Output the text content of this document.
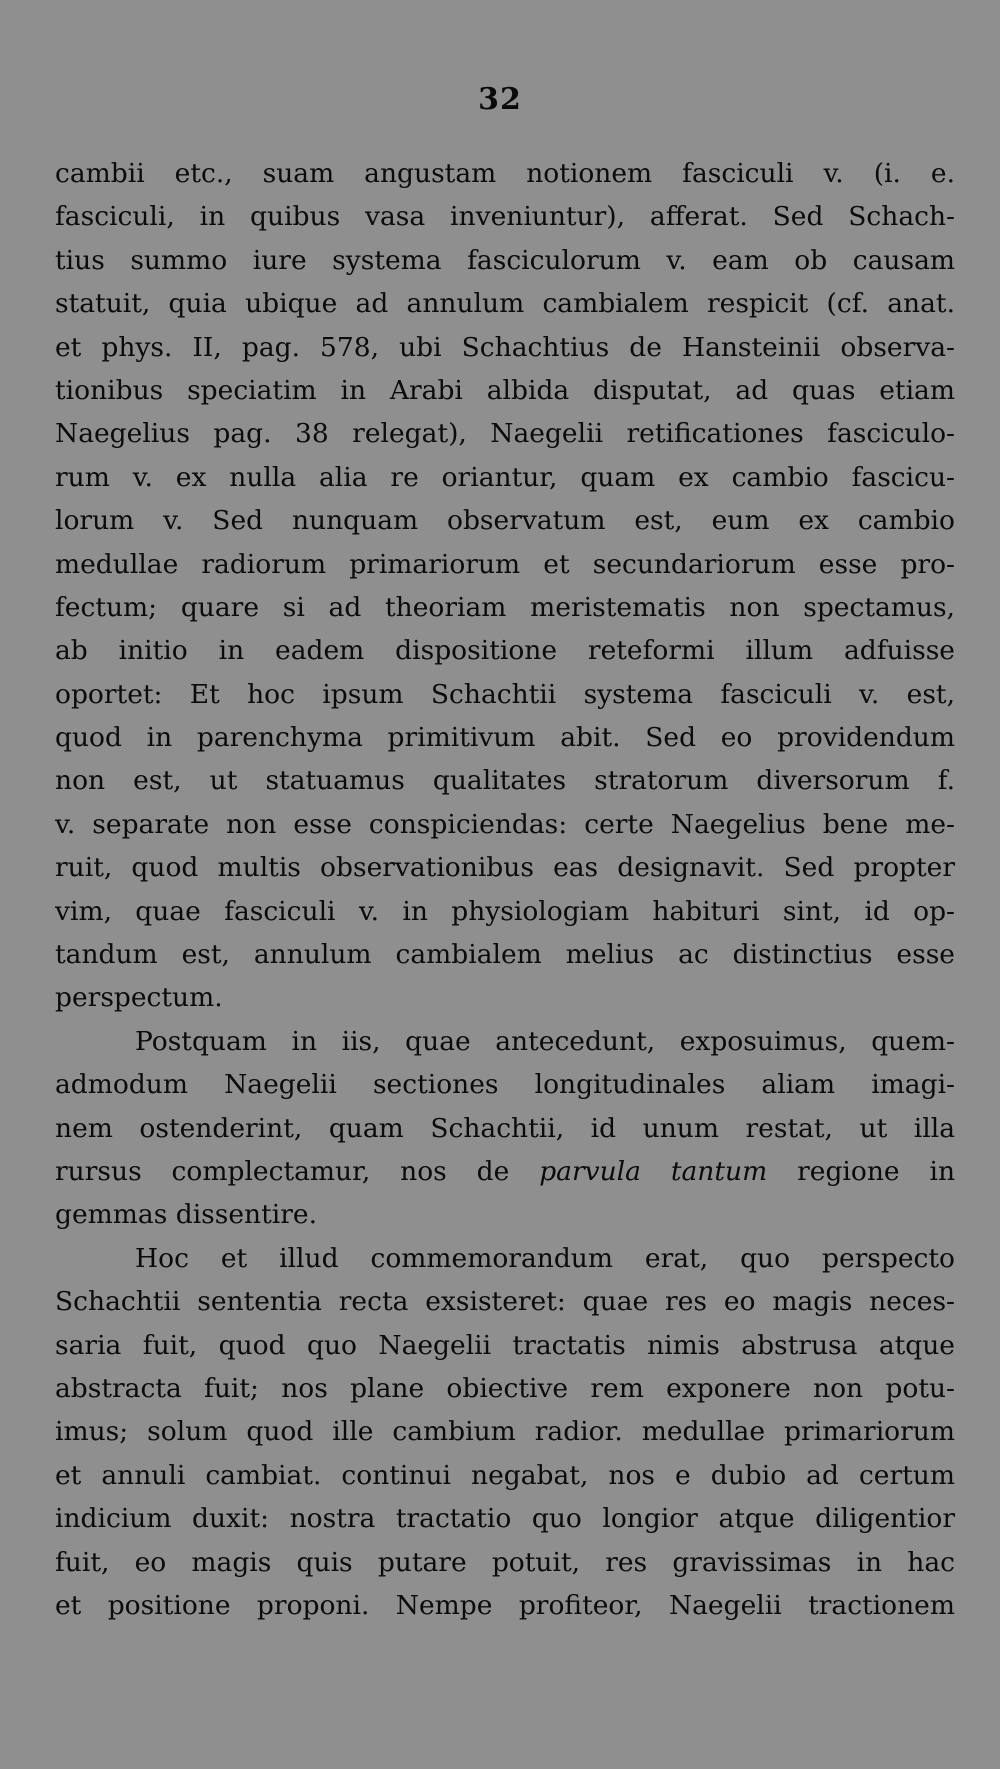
32
cambii etc., suam angustam notionem fasciculi v. (i. e.
fasciculi, in quibus vasa inveniuntur), afferat. Sed Schach-
tius summo iure systema fasciculorum v. eam ob causam
statuit, quia ubique ad annulum cambialem respicit (cf. anat.
et phys. II, pag. 578, ubi Schachtius de Hansteinii observa-
tionibus speciatim in Arabi albida disputat, ad quas etiam
Naegelius pag. 38 relegat), Naegelii retificationes fasciculo-
rum v. ex nulla alia re oriantur, quam ex cambio fascicu-
lorum v. Sed nunquam observatum est, eum ex cambio
medullae radiorum primariorum et secundariorum esse pro-
fectum; quare si ad theoriam meristematis non spectamus,
ab initio in eadem dispositione reteformi illum adfuisse
oportet: Et hoc ipsum Schachtii systema fasciculi v. est,
quod in parenchyma primitivum abit. Sed eo providendum
non est, ut statuamus qualitates stratorum diversorum f.
v. separate non esse conspiciendas: certe Naegelius bene me-
ruit, quod multis observationibus eas designavit. Sed propter
vim, quae fasciculi v. in physiologiam habituri sint, id op-
tandum est, annulum cambialem melius ac distinctius esse
perspectum.
Postquam in iis, quae antecedunt, exposuimus, quem-
admodum Naegelii sectiones longitudinales aliam imagi-
nem ostenderint, quam Schachtii, id unum restat, ut illa
rursus complectamur, nos de parvula tantum regione in
gemmas dissentire.
Hoc et illud commemorandum erat, quo perspecto
Schachtii sententia recta exsisteret: quae res eo magis neces-
saria fuit, quod quo Naegelii tractatis nimis abstrusa atque
abstracta fuit; nos plane obiective rem exponere non potu-
imus; solum quod ille cambium radior. medullae primariorum
et annuli cambiat. continui negabat, nos e dubio ad certum
indicium duxit: nostra tractatio quo longior atque diligentior
fuit, eo magis quis putare potuit, res gravissimas in hac
et positione proponi. Nempe profiteor, Naegelii tractionem
